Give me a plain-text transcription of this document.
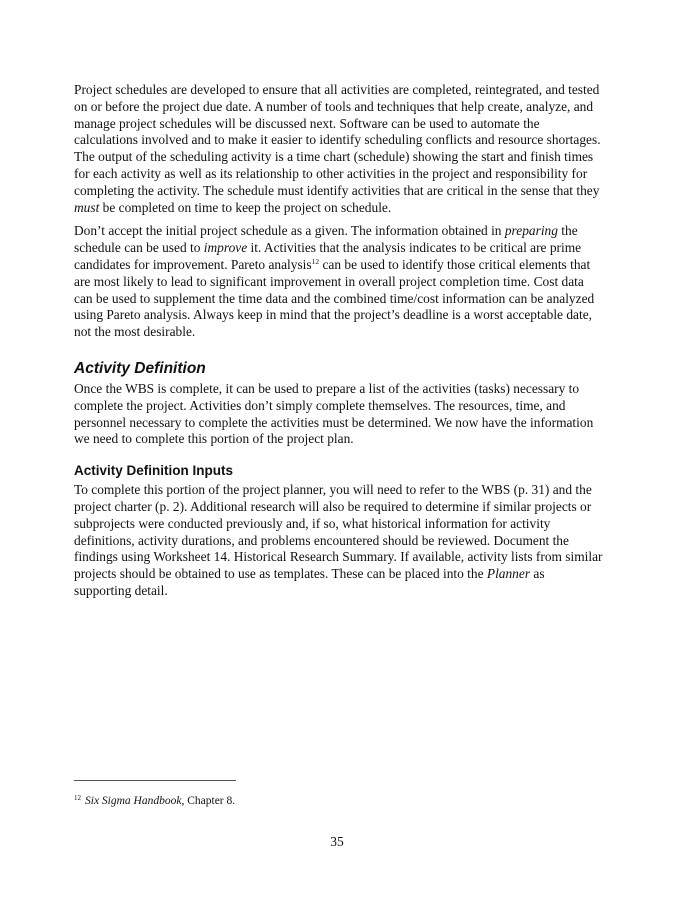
Project schedules are developed to ensure that all activities are completed, reintegrated, and tested on or before the project due date. A number of tools and techniques that help create, analyze, and manage project schedules will be discussed next. Software can be used to automate the calculations involved and to make it easier to identify scheduling conflicts and resource shortages. The output of the scheduling activity is a time chart (schedule) showing the start and finish times for each activity as well as its relationship to other activities in the project and responsibility for completing the activity. The schedule must identify activities that are critical in the sense that they must be completed on time to keep the project on schedule.

Don’t accept the initial project schedule as a given. The information obtained in preparing the schedule can be used to improve it. Activities that the analysis indicates to be critical are prime candidates for improvement. Pareto analysis$^{12}$ can be used to identify those critical elements that are most likely to lead to significant improvement in overall project completion time. Cost data can be used to supplement the time data and the combined time/cost information can be analyzed using Pareto analysis. Always keep in mind that the project’s deadline is a worst acceptable date, not the most desirable.

Activity Definition

Once the WBS is complete, it can be used to prepare a list of the activities (tasks) necessary to complete the project. Activities don’t simply complete themselves. The resources, time, and personnel necessary to complete the activities must be determined. We now have the information we need to complete this portion of the project plan.

Activity Definition Inputs

To complete this portion of the project planner, you will need to refer to the WBS (p. 31) and the project charter (p. 2). Additional research will also be required to determine if similar projects or subprojects were conducted previously and, if so, what historical information for activity definitions, activity durations, and problems encountered should be reviewed. Document the findings using Worksheet 14. Historical Research Summary. If available, activity lists from similar projects should be obtained to use as templates. These can be placed into the Planner as supporting detail.

$^{12}$ Six Sigma Handbook, Chapter 8.
35
